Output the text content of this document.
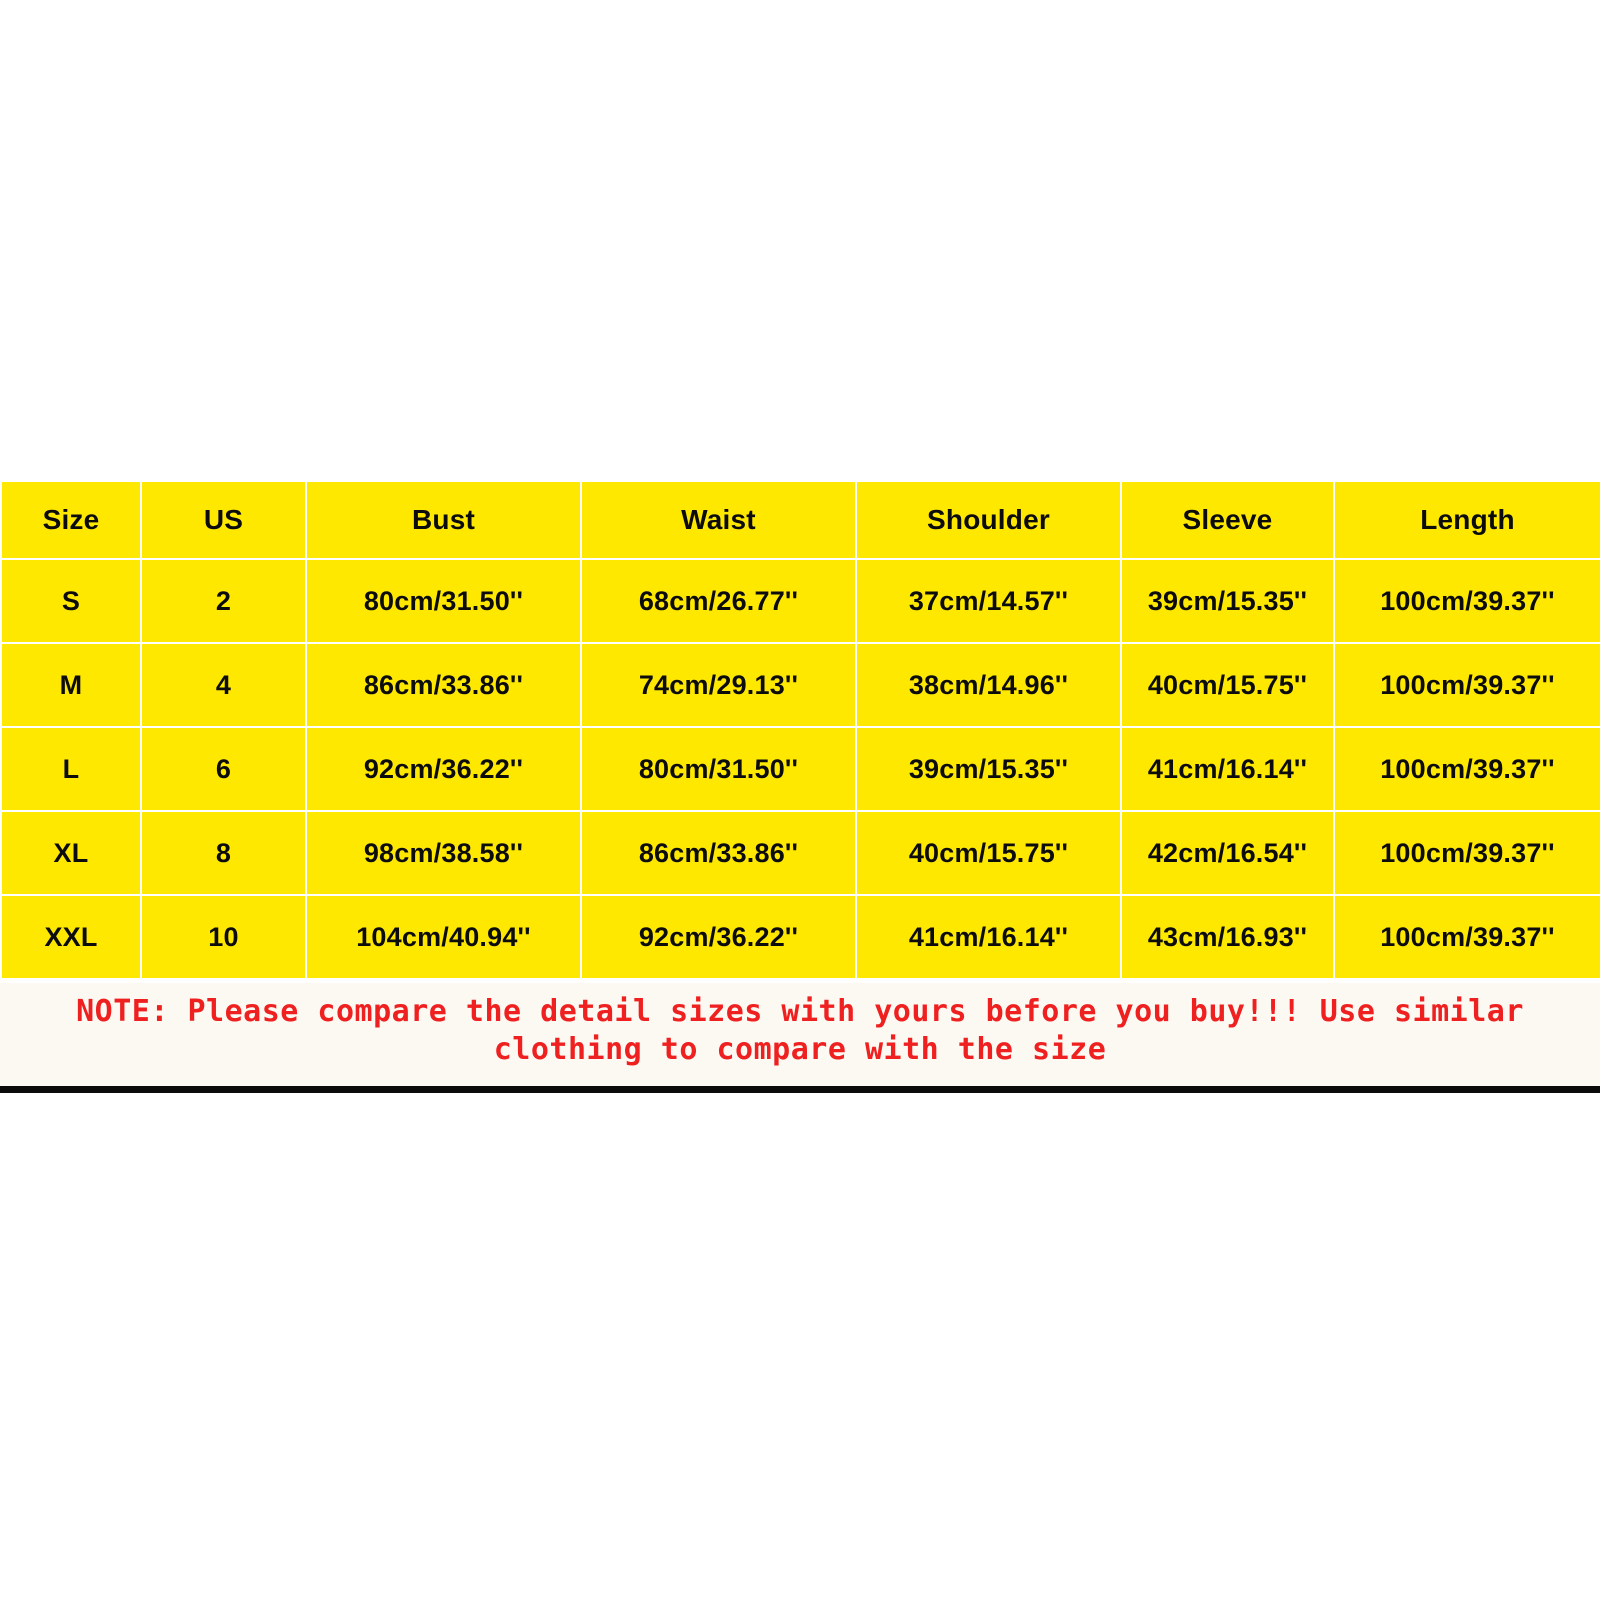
Size	US	Bust	Waist	Shoulder	Sleeve	Length
S	2	80cm/31.50''	68cm/26.77''	37cm/14.57''	39cm/15.35''	100cm/39.37''
M	4	86cm/33.86''	74cm/29.13''	38cm/14.96''	40cm/15.75''	100cm/39.37''
L	6	92cm/36.22''	80cm/31.50''	39cm/15.35''	41cm/16.14''	100cm/39.37''
XL	8	98cm/38.58''	86cm/33.86''	40cm/15.75''	42cm/16.54''	100cm/39.37''
XXL	10	104cm/40.94''	92cm/36.22''	41cm/16.14''	43cm/16.93''	100cm/39.37''
NOTE: Please compare the detail sizes with yours before you buy!!! Use similar
clothing to compare with the size
